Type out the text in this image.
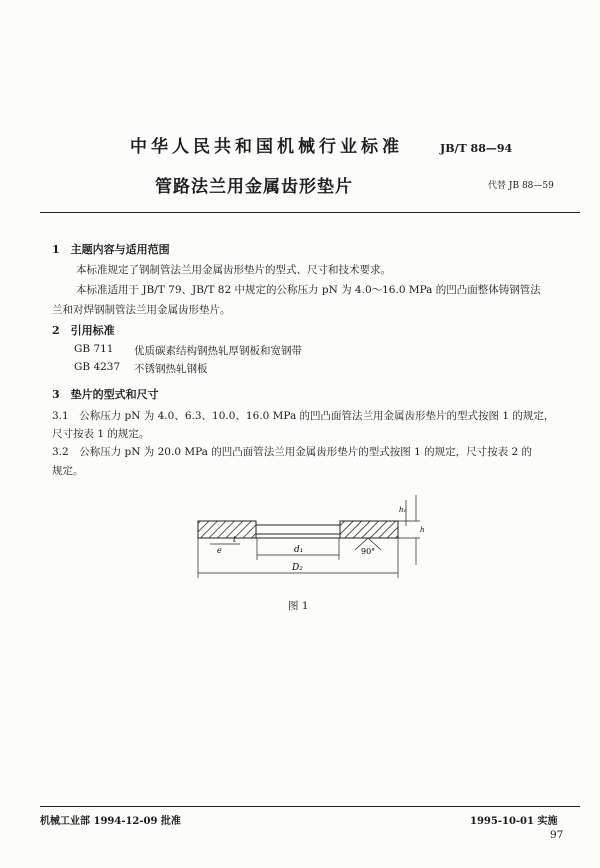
中华人民共和国机械行业标准	JB/T 88—94
管路法兰用金属齿形垫片	代替 JB 88—59
1　主题内容与适用范围
本标准规定了钢制管法兰用金属齿形垫片的型式、尺寸和技术要求。
本标准适用于 JB/T 79、JB/T 82 中规定的公称压力 pN 为 4.0～16.0 MPa 的凹凸面整体铸钢管法
兰和对焊钢制管法兰用金属齿形垫片。
2　引用标准
GB 711 优质碳素结构钢热轧厚钢板和宽钢带
GB 4237 不锈钢热轧钢板
3　垫片的型式和尺寸
3.1　公称压力 pN 为 4.0、6.3、10.0、16.0 MPa 的凹凸面管法兰用金属齿形垫片的型式按图 1 的规定，
尺寸按表 1 的规定。
3.2　公称压力 pN 为 20.0 MPa 的凹凸面管法兰用金属齿形垫片的型式按图 1 的规定，尺寸按表 2 的
规定。
d₁
D₂
e
t
90°
h₁
h
图 1
机械工业部 1994-12-09 批准	1995-10-01 实施
97
